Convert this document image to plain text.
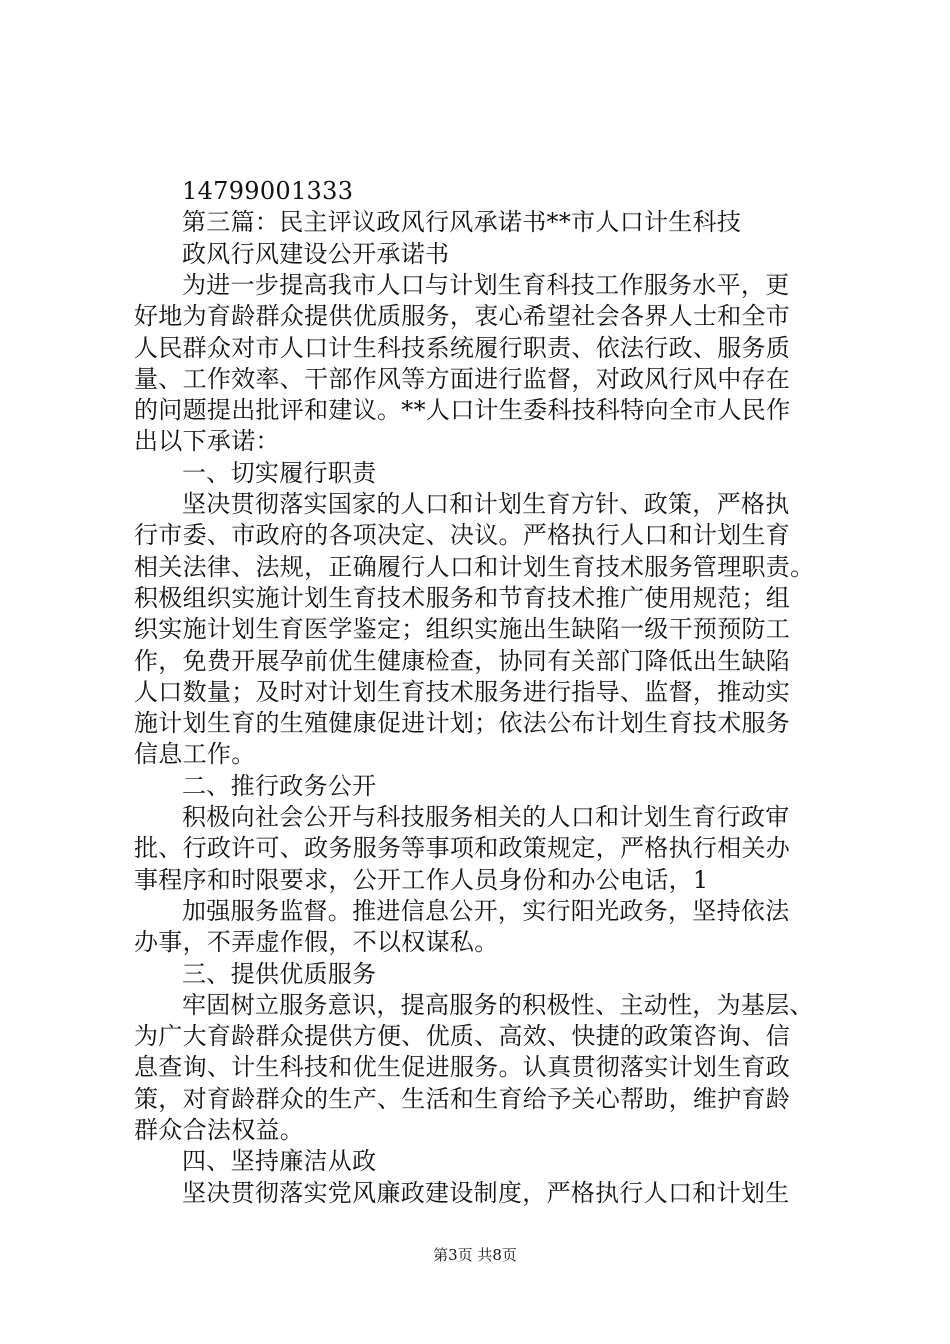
14799001333
第三篇：民主评议政风行风承诺书**市人口计生科技
政风行风建设公开承诺书
为进一步提高我市人口与计划生育科技工作服务水平，更
好地为育龄群众提供优质服务，衷心希望社会各界人士和全市
人民群众对市人口计生科技系统履行职责、依法行政、服务质
量、工作效率、干部作风等方面进行监督，对政风行风中存在
的问题提出批评和建议。**人口计生委科技科特向全市人民作
出以下承诺：
一、切实履行职责
坚决贯彻落实国家的人口和计划生育方针、政策，严格执
行市委、市政府的各项决定、决议。严格执行人口和计划生育
相关法律、法规，正确履行人口和计划生育技术服务管理职责。
积极组织实施计划生育技术服务和节育技术推广使用规范；组
织实施计划生育医学鉴定；组织实施出生缺陷一级干预预防工
作，免费开展孕前优生健康检查，协同有关部门降低出生缺陷
人口数量；及时对计划生育技术服务进行指导、监督，推动实
施计划生育的生殖健康促进计划；依法公布计划生育技术服务
信息工作。
二、推行政务公开
积极向社会公开与科技服务相关的人口和计划生育行政审
批、行政许可、政务服务等事项和政策规定，严格执行相关办
事程序和时限要求，公开工作人员身份和办公电话，1
加强服务监督。推进信息公开，实行阳光政务，坚持依法
办事，不弄虚作假，不以权谋私。
三、提供优质服务
牢固树立服务意识，提高服务的积极性、主动性，为基层、
为广大育龄群众提供方便、优质、高效、快捷的政策咨询、信
息查询、计生科技和优生促进服务。认真贯彻落实计划生育政
策，对育龄群众的生产、生活和生育给予关心帮助，维护育龄
群众合法权益。
四、坚持廉洁从政
坚决贯彻落实党风廉政建设制度，严格执行人口和计划生
第3页 共8页
